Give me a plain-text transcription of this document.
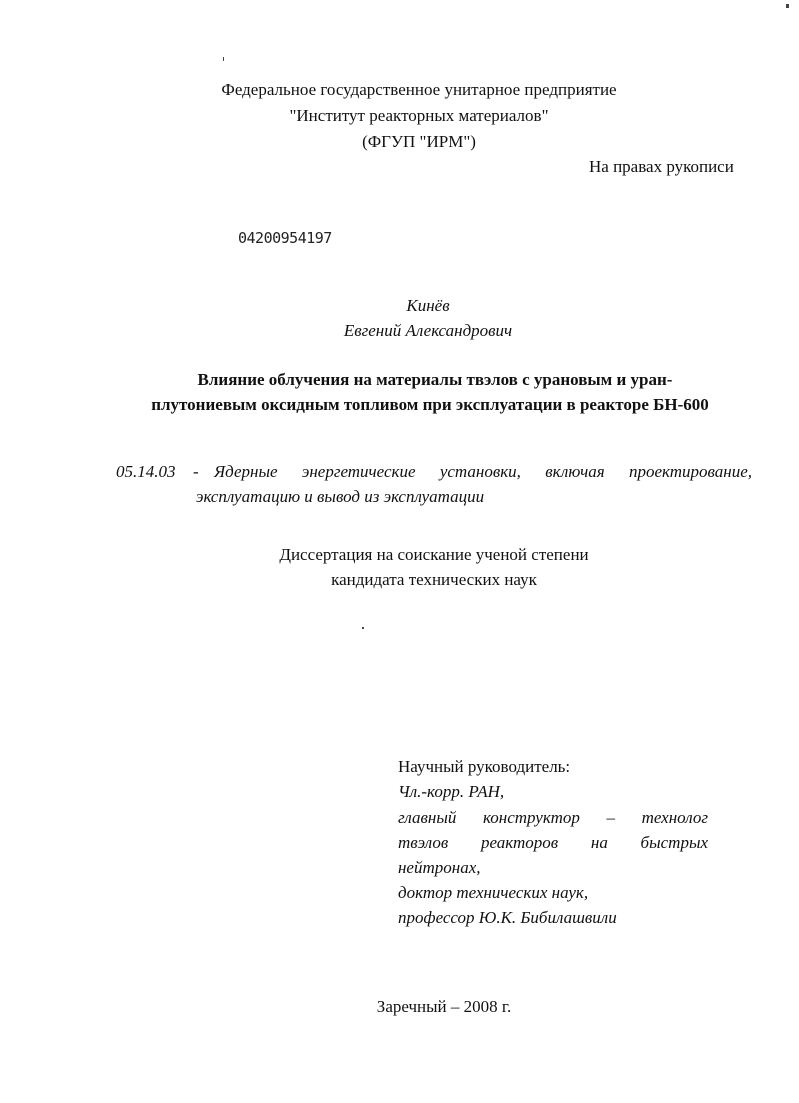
Федеральное государственное унитарное предприятие
"Институт реакторных материалов"
(ФГУП "ИРМ")
На правах рукописи
04200954197
Кинёв
Евгений Александрович
Влияние облучения на материалы твэлов с урановым и уран-
плутониевым оксидным топливом при эксплуатации в реакторе БН-600
05.14.03 - Ядерные энергетические установки, включая проектирование,
эксплуатацию и вывод из эксплуатации
Диссертация на соискание ученой степени
кандидата технических наук
Научный руководитель:
Чл.-корр. РАН,
главный конструктор – технолог
твэлов реакторов на быстрых
нейтронах,
доктор технических наук,
профессор Ю.К. Бибилашвили
Заречный – 2008 г.
